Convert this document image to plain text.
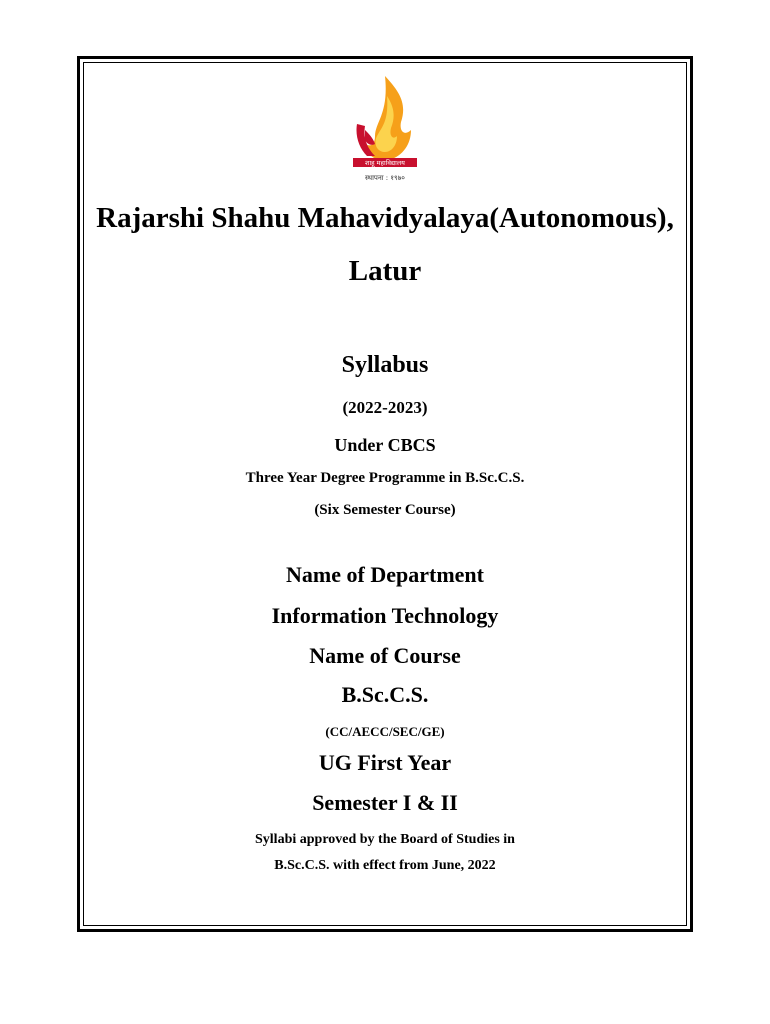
शाहू महाविद्यालय
स्थापना : १९७०
Rajarshi Shahu Mahavidyalaya(Autonomous),
Latur
Syllabus
(2022-2023)
Under CBCS
Three Year Degree Programme in B.Sc.C.S.
(Six Semester Course)
Name of Department
Information Technology
Name of Course
B.Sc.C.S.
(CC/AECC/SEC/GE)
UG First Year
Semester I & II
Syllabi approved by the Board of Studies in
B.Sc.C.S. with effect from June, 2022
